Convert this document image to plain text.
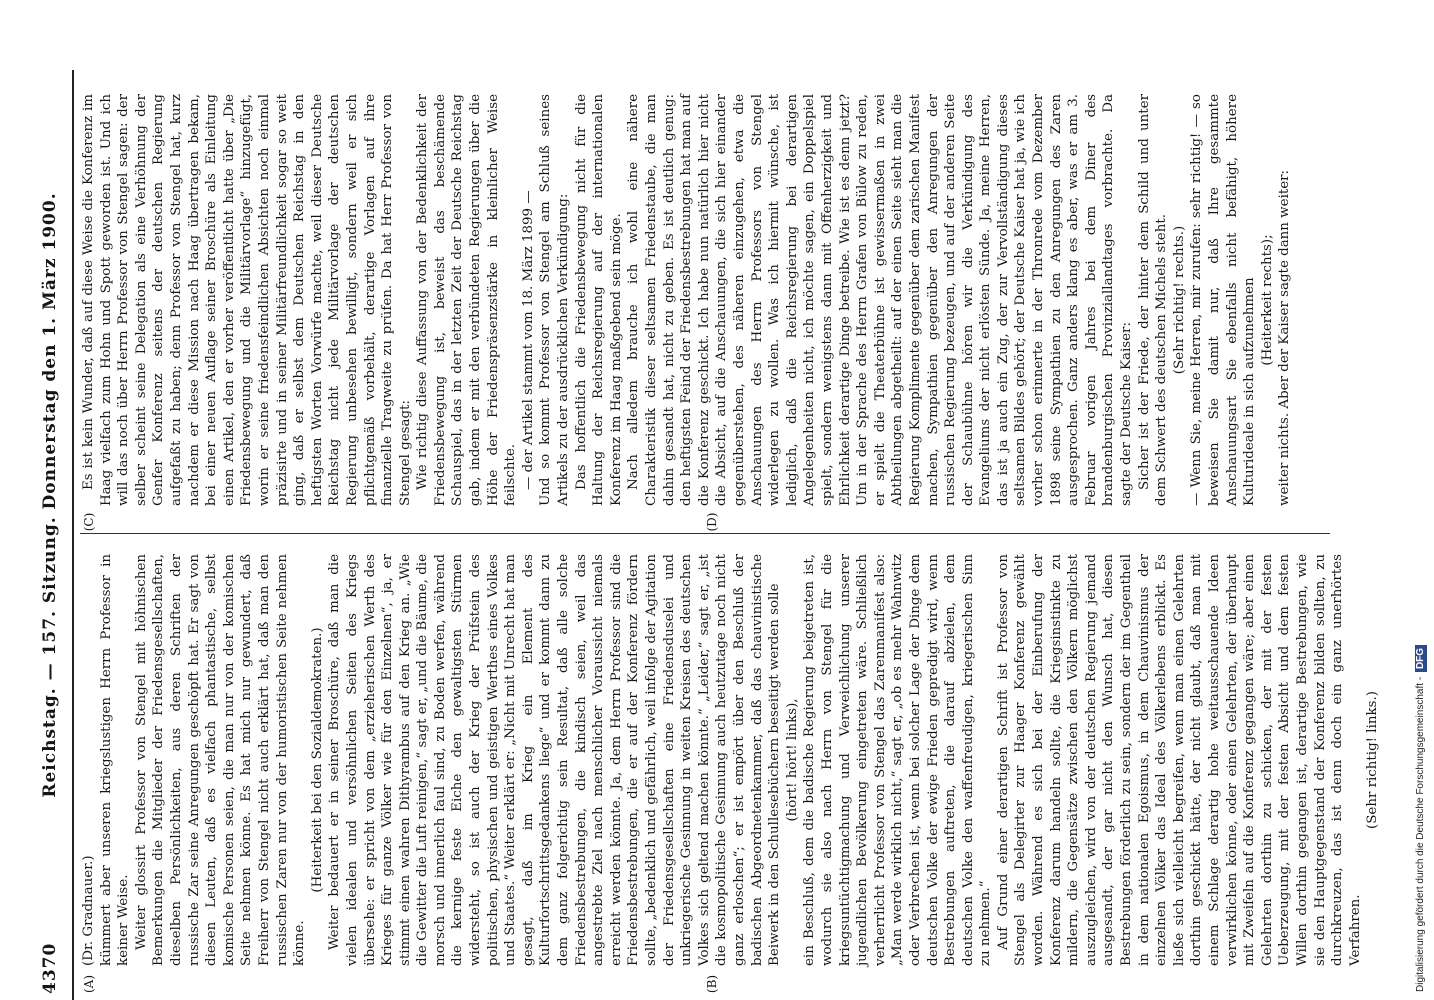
4370
Reichstag. — 157. Sitzung. Donnerstag den 1. März 1900.
(A)	(B)
(C)	(D)

(Dr. Gradnauer.) kümmert aber unseren kriegslustigen Herrn Professor in keiner Weise. Weiter glossirt Professor von Stengel mit höhnischen Bemerkungen die Mitglieder der Friedensgesellschaften, dieselben Persönlichkeiten, aus deren Schriften der russische Zar seine Anregungen geschöpft hat. Er sagt von diesen Leuten, daß es vielfach phantastische, selbst komische Personen seien, die man nur von der komischen Seite nehmen könne. Es hat mich nur gewundert, daß Freiherr von Stengel nicht auch erklärt hat, daß man den russischen Zaren nur von der humoristischen Seite nehmen könne.

(Heiterkeit bei den Sozialdemokraten.) Weiter bedauert er in seiner Broschüre, daß man die vielen idealen und versöhnlichen Seiten des Kriegs übersehe: er spricht von dem „erzieherischen Werth des Krieges für ganze Völker wie für den Einzelnen“, ja, er stimmt einen wahren Dithyrambus auf den Krieg an. „Wie die Gewitter die Luft reinigen,“ sagt er, „und die Bäume, die morsch und innerlich faul sind, zu Boden werfen, während die kernige feste Eiche den gewaltigsten Stürmen widersteht, so ist auch der Krieg der Prüfstein des politischen, physischen und geistigen Werthes eines Volkes und Staates.“ Weiter erklärt er: „Nicht mit Unrecht hat man gesagt, daß im Krieg ein Element des Kulturfortschrittsgedankens liege“ und er kommt dann zu dem ganz folgerichtig sein Resultat, daß alle solche Friedensbestrebungen, die kindisch seien, weil das angestrebte Ziel nach menschlicher Voraussicht niemals erreicht werden könnte. Ja, dem Herrn Professor sind die Friedensbestrebungen, die er auf der Konferenz fördern sollte, „bedenklich und gefährlich, weil infolge der Agitation der Friedensgesellschaften eine Friedensduselei und unkriegerische Gesinnung in weiten Kreisen des deutschen Volkes sich geltend machen könnte.“ „Leider,“ sagt er, „ist die kosmopolitische Gesinnung auch heutzutage noch nicht ganz erloschen“; er ist empört über den Beschluß der badischen Abgeordnetenkammer, daß das chauvinistische Beiwerk in den Schullesebüchern beseitigt werden solle (hört! hört! links), ein Beschluß, dem die badische Regierung beigetreten ist, wodurch sie also nach Herrn von Stengel für die kriegsuntüchtigmachung und Verweichlichung unserer jugendlichen Bevölkerung eingetreten wäre. Schließlich verherrlicht Professor von Stengel das Zarenmanifest also: „Man werde wirklich nicht,“ sagt er, „ob es mehr Wahnwitz oder Verbrechen ist, wenn bei solcher Lage der Dinge dem deutschen Volke der ewige Frieden gepredigt wird, wenn Bestrebungen auftreten, die darauf abzielen, dem deutschen Volke den waffenfreudigen, kriegerischen Sinn zu nehmen.“ Auf Grund einer derartigen Schrift ist Professor von Stengel als Delegirter zur Haager Konferenz gewählt worden. Während es sich bei der Einberufung der Konferenz darum handeln sollte, die Kriegsinstinkte zu mildern, die Gegensätze zwischen den Völkern möglichst auszugleichen, wird von der deutschen Regierung jemand ausgesandt, der gar nicht den Wunsch hat, diesen Bestrebungen förderlich zu sein, sondern der im Gegentheil in dem nationalen Egoismus, in dem Chauvinismus der einzelnen Völker das Ideal des Völkerlebens erblickt. Es ließe sich vielleicht begreifen, wenn man einen Gelehrten dorthin geschickt hätte, der nicht glaubt, daß man mit einem Schlage derartig hohe weitausschauende Ideen verwirklichen könne, oder einen Gelehrten, der überhaupt mit Zweifeln auf die Konferenz gegangen wäre; aber einen Gelehrten dorthin zu schicken, der mit der festen Ueberzeugung, mit der festen Absicht und dem festen Willen dorthin gegangen ist, derartige Bestrebungen, wie sie den Hauptgegenstand der Konferenz bilden sollten, zu durchkreuzen, das ist denn doch ein ganz unerhörtes Verfahren.

(Sehr richtig! links.)

Es ist kein Wunder, daß auf diese Weise die Konferenz im Haag vielfach zum Hohn und Spott geworden ist. Und ich will das noch über Herrn Professor von Stengel sagen: der selber scheint seine Delegation als eine Verhöhnung der Genfer Konferenz seitens der deutschen Regierung aufgefaßt zu haben; denn Professor von Stengel hat, kurz nachdem er diese Mission nach Haag übertragen bekam, bei einer neuen Auflage seiner Broschüre als Einleitung einen Artikel, den er vorher veröffentlicht hatte über „Die Friedensbewegung und die Militärvorlage“ hinzugefügt, worin er seine friedensfeindlichen Absichten noch einmal präzisirte und in seiner Militärfreundlichkeit sogar so weit ging, daß er selbst dem Deutschen Reichstag in den heftigsten Worten Vorwürfe machte, weil dieser Deutsche Reichstag nicht jede Militärvorlage der deutschen Regierung unbesehen bewilligt, sondern weil er sich pflichtgemäß vorbehält, derartige Vorlagen auf ihre finanzielle Tragweite zu prüfen. Da hat Herr Professor von Stengel gesagt: Wie richtig diese Auffassung von der Bedenklichkeit der Friedensbewegung ist, beweist das beschämende Schauspiel, das in der letzten Zeit der Deutsche Reichstag gab, indem er mit den verbündeten Regierungen über die Höhe der Friedenspräsenzstärke in kleinlicher Weise feilschte. — der Artikel stammt vom 18. März 1899 — Und so kommt Professor von Stengel am Schluß seines Artikels zu der ausdrücklichen Verkündigung: Das hoffentlich die Friedensbewegung nicht für die Haltung der Reichsregierung auf der internationalen Konferenz im Haag maßgebend sein möge. Nach alledem brauche ich wohl eine nähere Charakteristik dieser seltsamen Friedenstaube, die man dahin gesandt hat, nicht zu geben. Es ist deutlich genug: den heftigsten Feind der Friedensbestrebungen hat man auf die Konferenz geschickt. Ich habe nun natürlich hier nicht die Absicht, auf die Anschauungen, die sich hier einander gegenüberstehen, des näheren einzugehen, etwa die Anschauungen des Herrn Professors von Stengel widerlegen zu wollen. Was ich hiermit wünsche, ist lediglich, daß die Reichsregierung bei derartigen Angelegenheiten nicht, ich möchte sagen, ein Doppelspiel spielt, sondern wenigstens dann mit Offenherzigkeit und Ehrlichkeit derartige Dinge betreibe. Wie ist es denn jetzt? Um in der Sprache des Herrn Grafen von Bülow zu reden, er spielt die Theaterbühne ist gewissermaßen in zwei Abtheilungen abgetheilt: auf der einen Seite sieht man die Regierung Komplimente gegenüber dem zarischen Manifest machen, Sympathien gegenüber den Anregungen der russischen Regierung bezeugen, und auf der anderen Seite der Schaubühne hören wir die Verkündigung des Evangeliums der nicht erlösten Sünde. Ja, meine Herren, das ist ja auch ein Zug, der zur Vervollständigung dieses seltsamen Bildes gehört; der Deutsche Kaiser hat ja, wie ich vorher schon erinnerte in der Thronrede vom Dezember 1898 seine Sympathien zu den Anregungen des Zaren ausgesprochen. Ganz anders klang es aber, was er am 3. Februar vorigen Jahres bei dem Diner des brandenburgischen Provinziallandtages vorbrachte. Da sagte der Deutsche Kaiser: Sicher ist der Friede, der hinter dem Schild und unter dem Schwert des deutschen Michels steht. (Sehr richtig! rechts.) — Wenn Sie, meine Herren, mir zurufen: sehr richtig! — so beweisen Sie damit nur, daß Ihre gesammte Anschauungsart Sie ebenfalls nicht befähigt, höhere Kulturideale in sich aufzunehmen (Heiterkeit rechts); weiter nichts. Aber der Kaiser sagte dann weiter:

Digitalisierung gefördert durch die Deutsche Forschungsgemeinschaft - DFG
